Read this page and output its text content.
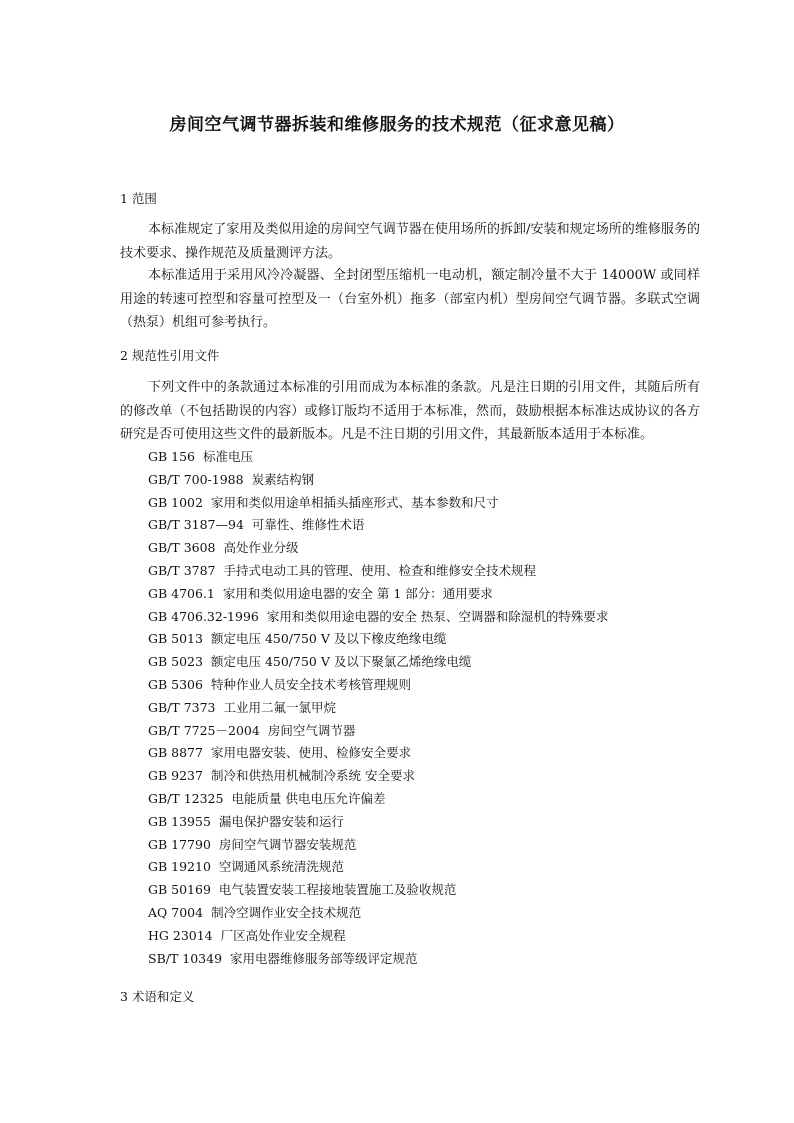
房间空气调节器拆装和维修服务的技术规范（征求意见稿）
1 范围
本标准规定了家用及类似用途的房间空气调节器在使用场所的拆卸/安装和规定场所的维修服务的技术要求、操作规范及质量测评方法。
本标准适用于采用风冷冷凝器、全封闭型压缩机一电动机，额定制冷量不大于 14000W 或同样用途的转速可控型和容量可控型及一（台室外机）拖多（部室内机）型房间空气调节器。多联式空调（热泵）机组可参考执行。
2 规范性引用文件
下列文件中的条款通过本标准的引用而成为本标准的条款。凡是注日期的引用文件，其随后所有的修改单（不包括勘误的内容）或修订版均不适用于本标准，然而，鼓励根据本标准达成协议的各方研究是否可使用这些文件的最新版本。凡是不注日期的引用文件，其最新版本适用于本标准。
GB 156 标准电压
GB/T 700-1988 炭素结构钢
GB 1002 家用和类似用途单相插头插座形式、基本参数和尺寸
GB/T 3187—94 可靠性、维修性术语
GB/T 3608 高处作业分级
GB/T 3787 手持式电动工具的管理、使用、检查和维修安全技术规程
GB 4706.1 家用和类似用途电器的安全 第 1 部分：通用要求
GB 4706.32-1996 家用和类似用途电器的安全 热泵、空调器和除湿机的特殊要求
GB 5013 额定电压 450/750 V 及以下橡皮绝缘电缆
GB 5023 额定电压 450/750 V 及以下聚氯乙烯绝缘电缆
GB 5306 特种作业人员安全技术考核管理规则
GB/T 7373 工业用二氟一氯甲烷
GB/T 7725－2004 房间空气调节器
GB 8877 家用电器安装、使用、检修安全要求
GB 9237 制冷和供热用机械制冷系统 安全要求
GB/T 12325 电能质量 供电电压允许偏差
GB 13955 漏电保护器安装和运行
GB 17790 房间空气调节器安装规范
GB 19210 空调通风系统清洗规范
GB 50169 电气装置安装工程接地装置施工及验收规范
AQ 7004 制冷空调作业安全技术规范
HG 23014 厂区高处作业安全规程
SB/T 10349 家用电器维修服务部等级评定规范
3 术语和定义
